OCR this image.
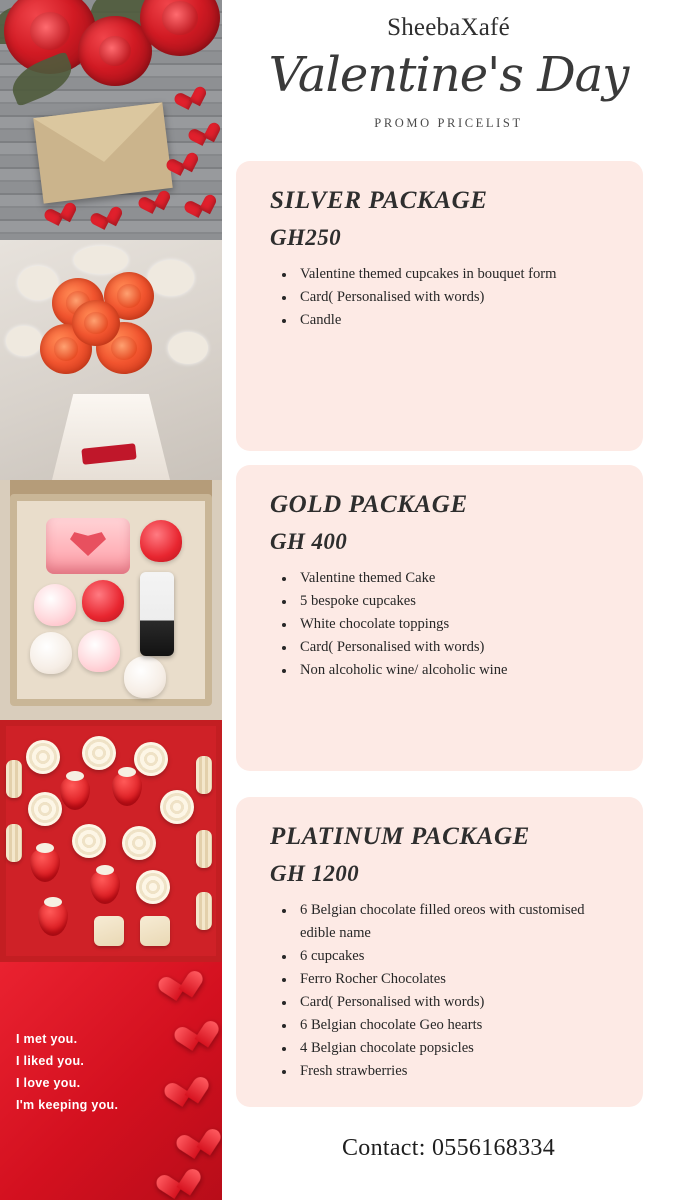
I met you.
I liked you.
I love you.
I'm keeping you.
SheebaXafé
Valentine's Day
PROMO PRICELIST
SILVER PACKAGE
GH250
• Valentine themed cupcakes in bouquet form
• Card( Personalised with words)
• Candle
GOLD PACKAGE
GH 400
• Valentine themed Cake
• 5 bespoke cupcakes
• White chocolate toppings
• Card( Personalised with words)
• Non alcoholic wine/ alcoholic wine
PLATINUM PACKAGE
GH 1200
• 6 Belgian chocolate filled oreos with customised edible name
• 6 cupcakes
• Ferro Rocher Chocolates
• Card( Personalised with words)
• 6 Belgian chocolate Geo hearts
• 4 Belgian chocolate popsicles
• Fresh strawberries
Contact: 0556168334
